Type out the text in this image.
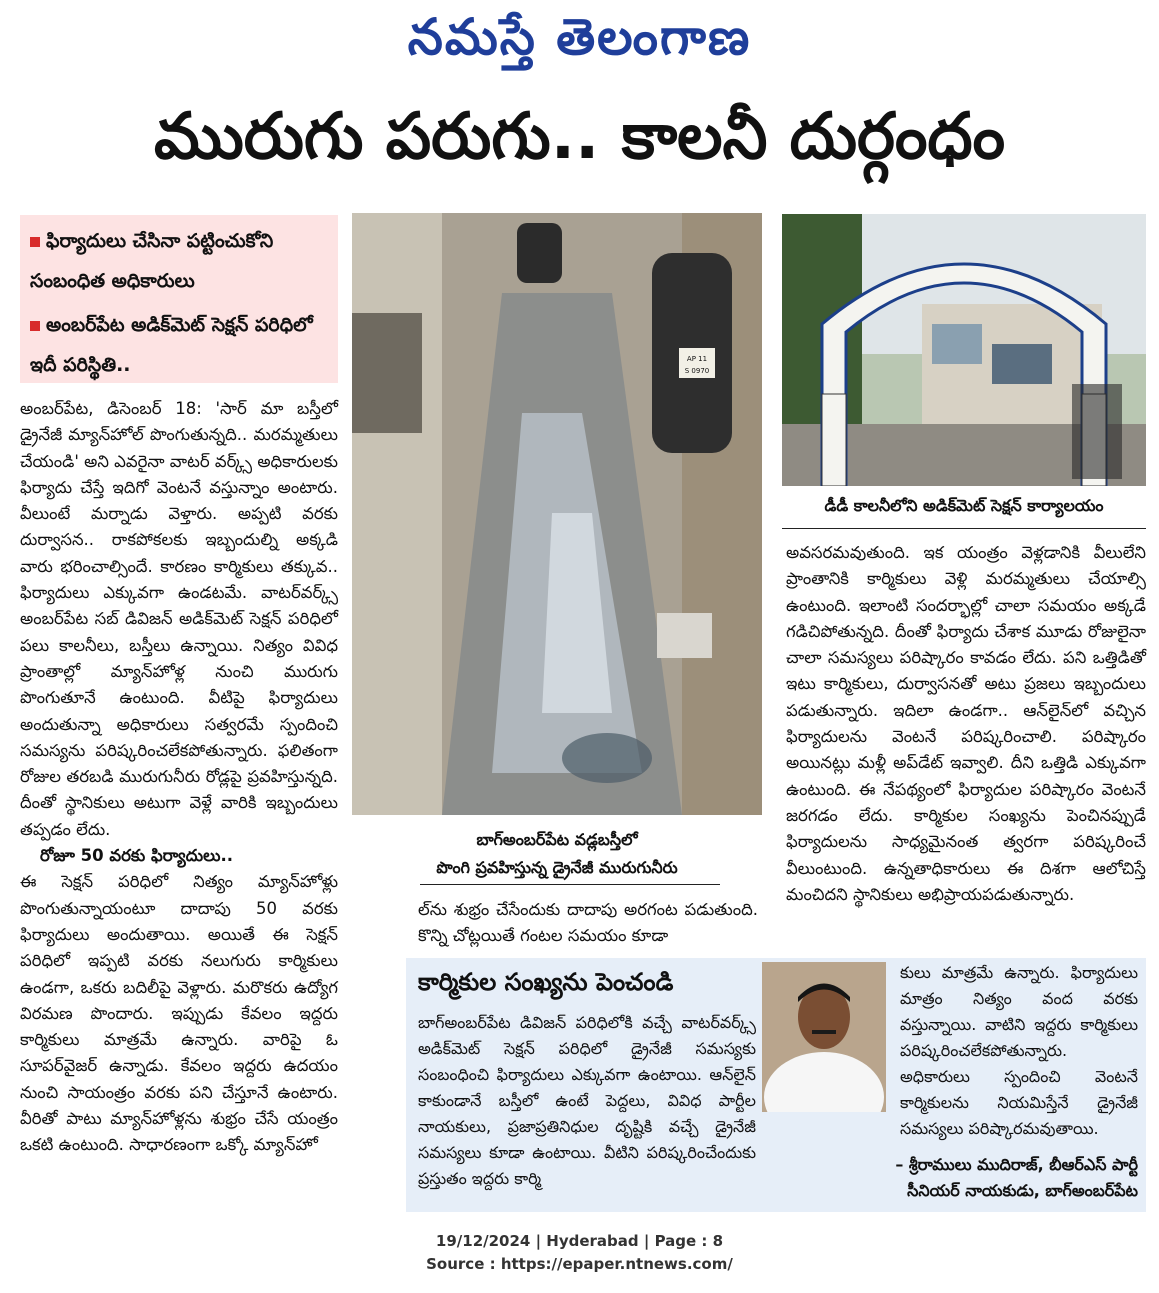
నమస్తే తెలంగాణ
మురుగు పరుగు.. కాలనీ దుర్గంధం
ఫిర్యాదులు చేసినా పట్టించుకోని సంబంధిత అధికారులు
అంబర్‌పేట అడిక్‌మెట్ సెక్షన్ పరిధిలో ఇదీ పరిస్థితి..

అంబర్‌పేట, డిసెంబర్ 18: 'సార్ మా బస్తీలో డ్రైనేజీ మ్యాన్‌హోల్ పొంగుతున్నది.. మరమ్మతులు చేయండి' అని ఎవరైనా వాటర్ వర్క్స్ అధికారులకు ఫిర్యాదు చేస్తే ఇదిగో వెంటనే వస్తున్నాం అంటారు. వీలుంటే మర్నాడు వెళ్తారు. అప్పటి వరకు దుర్వాసన.. రాకపోకలకు ఇబ్బందుల్ని అక్కడి వారు భరించాల్సిందే. కారణం కార్మికులు తక్కువ.. ఫిర్యాదులు ఎక్కువగా ఉండటమే. వాటర్‌వర్క్స్ అంబర్‌పేట సబ్ డివిజన్ అడిక్‌మెట్ సెక్షన్ పరిధిలో పలు కాలనీలు, బస్తీలు ఉన్నాయి. నిత్యం వివిధ ప్రాంతాల్లో మ్యాన్‌హోళ్ల నుంచి మురుగు పొంగుతూనే ఉంటుంది. వీటిపై ఫిర్యాదులు అందుతున్నా అధికారులు సత్వరమే స్పందించి సమస్యను పరిష్కరించలేకపోతున్నారు. ఫలితంగా రోజుల తరబడి మురుగునీరు రోడ్లపై ప్రవహిస్తున్నది. దీంతో స్థానికులు అటుగా వెళ్లే వారికి ఇబ్బందులు తప్పడం లేదు.

రోజూ 50 వరకు ఫిర్యాదులు..

ఈ సెక్షన్ పరిధిలో నిత్యం మ్యాన్‌హోళ్లు పొంగుతున్నాయంటూ దాదాపు 50 వరకు ఫిర్యాదులు అందుతాయి. అయితే ఈ సెక్షన్ పరిధిలో ఇప్పటి వరకు నలుగురు కార్మికులు ఉండగా, ఒకరు బదిలీపై వెళ్లారు. మరొకరు ఉద్యోగ విరమణ పొందారు. ఇప్పుడు కేవలం ఇద్దరు కార్మికులు మాత్రమే ఉన్నారు. వారిపై ఓ సూపర్‌వైజర్ ఉన్నాడు. కేవలం ఇద్దరు ఉదయం నుంచి సాయంత్రం వరకు పని చేస్తూనే ఉంటారు. వీరితో పాటు మ్యాన్‌హోళ్లను శుభ్రం చేసే యంత్రం ఒకటి ఉంటుంది. సాధారణంగా ఒక్కో మ్యాన్‌హో

AP 11
S 0970
బాగ్‌అంబర్‌పేట వడ్లబస్తీలో
పొంగి ప్రవహిస్తున్న డ్రైనేజీ మురుగునీరు

ల్‌ను శుభ్రం చేసేందుకు దాదాపు అరగంట పడుతుంది. కొన్ని చోట్లయితే గంటల సమయం కూడా

డీడీ కాలనీలోని అడిక్‌మెట్ సెక్షన్ కార్యాలయం

అవసరమవుతుంది. ఇక యంత్రం వెళ్లడానికి వీలులేని ప్రాంతానికి కార్మికులు వెళ్లి మరమ్మతులు చేయాల్సి ఉంటుంది. ఇలాంటి సందర్భాల్లో చాలా సమయం అక్కడే గడిచిపోతున్నది. దీంతో ఫిర్యాదు చేశాక మూడు రోజులైనా చాలా సమస్యలు పరిష్కారం కావడం లేదు. పని ఒత్తిడితో ఇటు కార్మికులు, దుర్వాసనతో అటు ప్రజలు ఇబ్బందులు పడుతున్నారు. ఇదిలా ఉండగా.. ఆన్‌లైన్‌లో వచ్చిన ఫిర్యాదులను వెంటనే పరిష్కరించాలి. పరిష్కారం అయినట్లు మళ్లీ అప్‌డేట్ ఇవ్వాలి. దీని ఒత్తిడి ఎక్కువగా ఉంటుంది. ఈ నేపథ్యంలో ఫిర్యాదుల పరిష్కారం వెంటనే జరగడం లేదు. కార్మికుల సంఖ్యను పెంచినప్పుడే ఫిర్యాదులను సాధ్యమైనంత త్వరగా పరిష్కరించే వీలుంటుంది. ఉన్నతాధికారులు ఈ దిశగా ఆలోచిస్తే మంచిదని స్థానికులు అభిప్రాయపడుతున్నారు.

కార్మికుల సంఖ్యను పెంచండి

బాగ్‌అంబర్‌పేట డివిజన్ పరిధిలోకి వచ్చే వాటర్‌వర్క్స్ అడిక్‌మెట్ సెక్షన్ పరిధిలో డ్రైనేజీ సమస్యకు సంబంధించి ఫిర్యాదులు ఎక్కువగా ఉంటాయి. ఆన్‌లైన్ కాకుండానే బస్తీలో ఉంటే పెద్దలు, వివిధ పార్టీల నాయకులు, ప్రజాప్రతినిధుల దృష్టికి వచ్చే డ్రైనేజీ సమస్యలు కూడా ఉంటాయి. వీటిని పరిష్కరించేందుకు ప్రస్తుతం ఇద్దరు కార్మి

కులు మాత్రమే ఉన్నారు. ఫిర్యాదులు మాత్రం నిత్యం వంద వరకు వస్తున్నాయి. వాటిని ఇద్దరు కార్మికులు పరిష్కరించలేకపోతున్నారు. అధికారులు స్పందించి వెంటనే కార్మికులను నియమిస్తేనే డ్రైనేజీ సమస్యలు పరిష్కారమవుతాయి.

– శ్రీరాములు ముదిరాజ్, బీఆర్‌ఎస్ పార్టీ
సీనియర్ నాయకుడు, బాగ్‌అంబర్‌పేట
19/12/2024 | Hyderabad | Page : 8
Source : https://epaper.ntnews.com/
